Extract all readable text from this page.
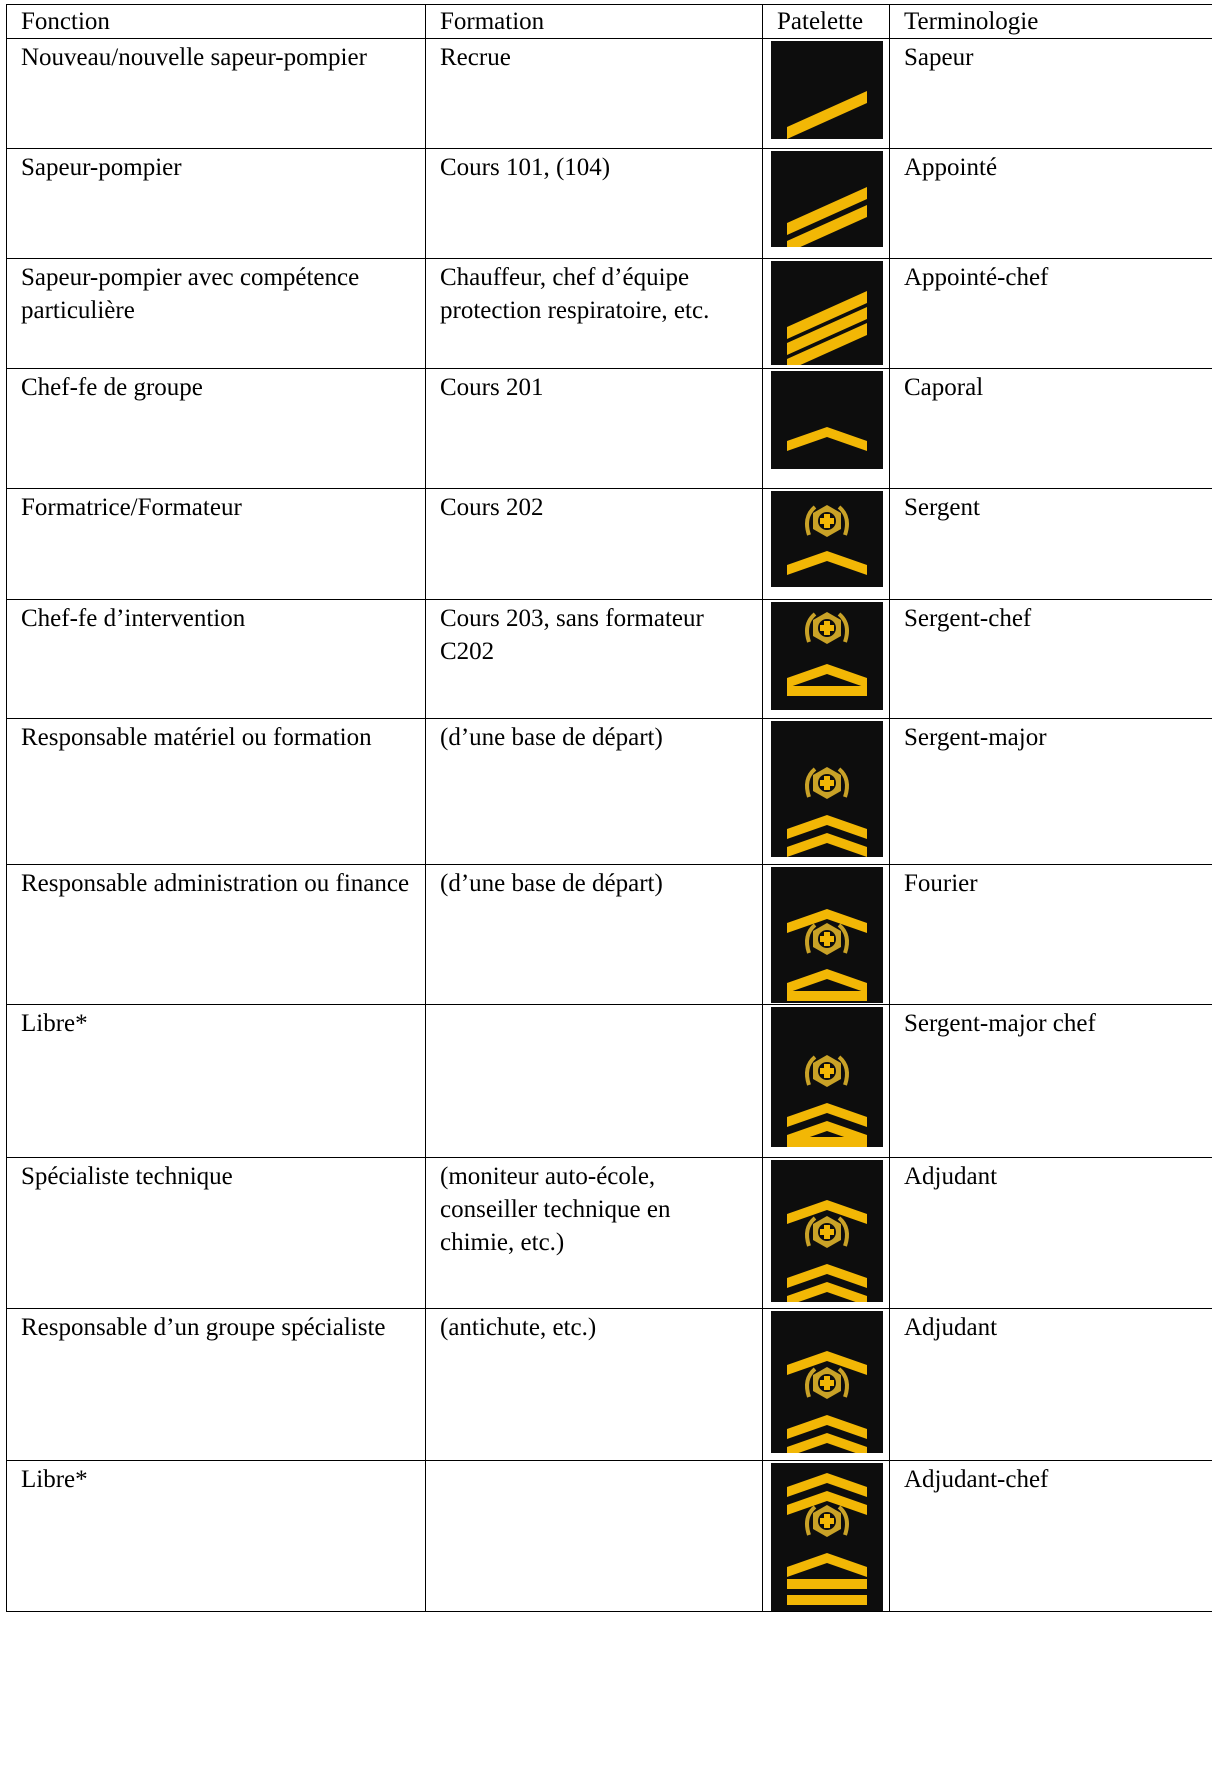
Fonction	Formation	Patelette	Terminologie
Nouveau/nouvelle sapeur-pompier	Recrue		Sapeur
Sapeur-pompier	Cours 101, (104)		Appointé
Sapeur-pompier avec compétence particulière	Chauffeur, chef d’équipe protection respiratoire, etc.		Appointé-chef
Chef-fe de groupe	Cours 201		Caporal
Formatrice/Formateur	Cours 202		Sergent
Chef-fe d’intervention	Cours 203, sans formateur C202		Sergent-chef
Responsable matériel ou formation	(d’une base de départ)		Sergent-major
Responsable administration ou finance	(d’une base de départ)		Fourier
Libre*			Sergent-major chef
Spécialiste technique	(moniteur auto-école, conseiller technique en chimie, etc.)		Adjudant
Responsable d’un groupe spécialiste	(antichute, etc.)		Adjudant
Libre*			Adjudant-chef
